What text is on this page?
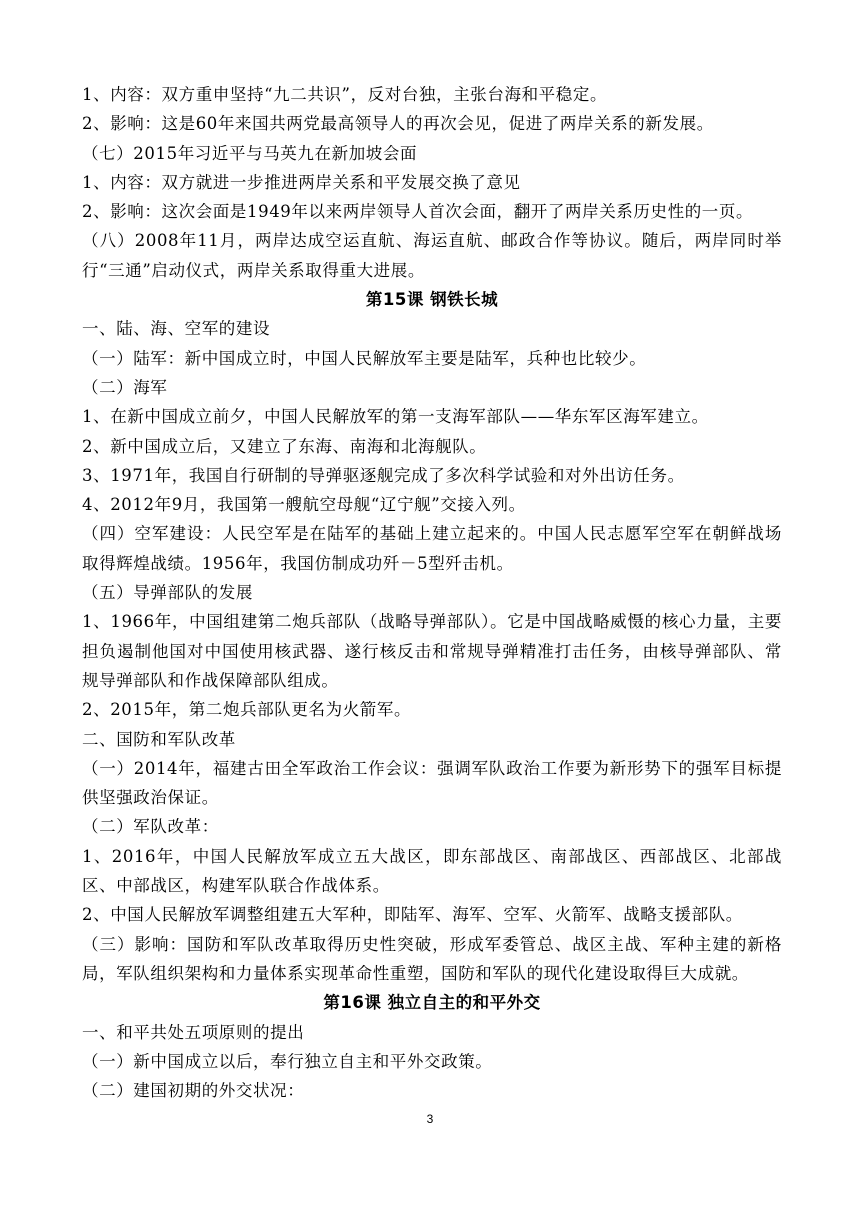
1、内容：双方重申坚持“九二共识”，反对台独，主张台海和平稳定。

2、影响：这是60年来国共两党最高领导人的再次会见，促进了两岸关系的新发展。

（七）2015年习近平与马英九在新加坡会面

1、内容：双方就进一步推进两岸关系和平发展交换了意见

2、影响：这次会面是1949年以来两岸领导人首次会面，翻开了两岸关系历史性的一页。

（八）2008年11月，两岸达成空运直航、海运直航、邮政合作等协议。随后，两岸同时举行“三通”启动仪式，两岸关系取得重大进展。

第15课 钢铁长城

一、陆、海、空军的建设

（一）陆军：新中国成立时，中国人民解放军主要是陆军，兵种也比较少。

（二）海军

1、在新中国成立前夕，中国人民解放军的第一支海军部队——华东军区海军建立。

2、新中国成立后，又建立了东海、南海和北海舰队。

3、1971年，我国自行研制的导弹驱逐舰完成了多次科学试验和对外出访任务。

4、2012年9月，我国第一艘航空母舰“辽宁舰”交接入列。

（四）空军建设：人民空军是在陆军的基础上建立起来的。中国人民志愿军空军在朝鲜战场取得辉煌战绩。1956年，我国仿制成功歼－5型歼击机。

（五）导弹部队的发展

1、1966年，中国组建第二炮兵部队（战略导弹部队）。它是中国战略威慑的核心力量，主要担负遏制他国对中国使用核武器、遂行核反击和常规导弹精准打击任务，由核导弹部队、常规导弹部队和作战保障部队组成。

2、2015年，第二炮兵部队更名为火箭军。

二、国防和军队改革

（一）2014年，福建古田全军政治工作会议：强调军队政治工作要为新形势下的强军目标提供坚强政治保证。

（二）军队改革：

1、2016年，中国人民解放军成立五大战区，即东部战区、南部战区、西部战区、北部战区、中部战区，构建军队联合作战体系。

2、中国人民解放军调整组建五大军种，即陆军、海军、空军、火箭军、战略支援部队。

（三）影响：国防和军队改革取得历史性突破，形成军委管总、战区主战、军种主建的新格局，军队组织架构和力量体系实现革命性重塑，国防和军队的现代化建设取得巨大成就。

第16课 独立自主的和平外交

一、和平共处五项原则的提出

（一）新中国成立以后，奉行独立自主和平外交政策。

（二）建国初期的外交状况：

3
